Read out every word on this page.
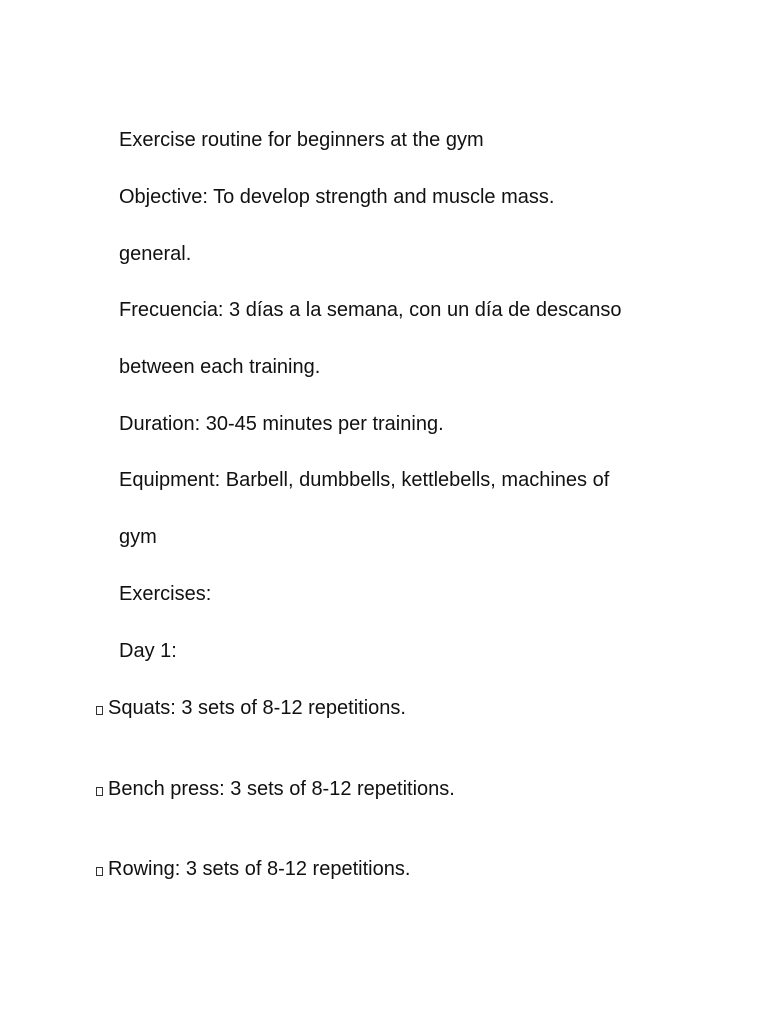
Exercise routine for beginners at the gym
Objective: To develop strength and muscle mass.
general.
Frecuencia: 3 días a la semana, con un día de descanso
between each training.
Duration: 30-45 minutes per training.
Equipment: Barbell, dumbbells, kettlebells, machines of
gym
Exercises:
Day 1:
Squats: 3 sets of 8-12 repetitions.
Bench press: 3 sets of 8-12 repetitions.
Rowing: 3 sets of 8-12 repetitions.
